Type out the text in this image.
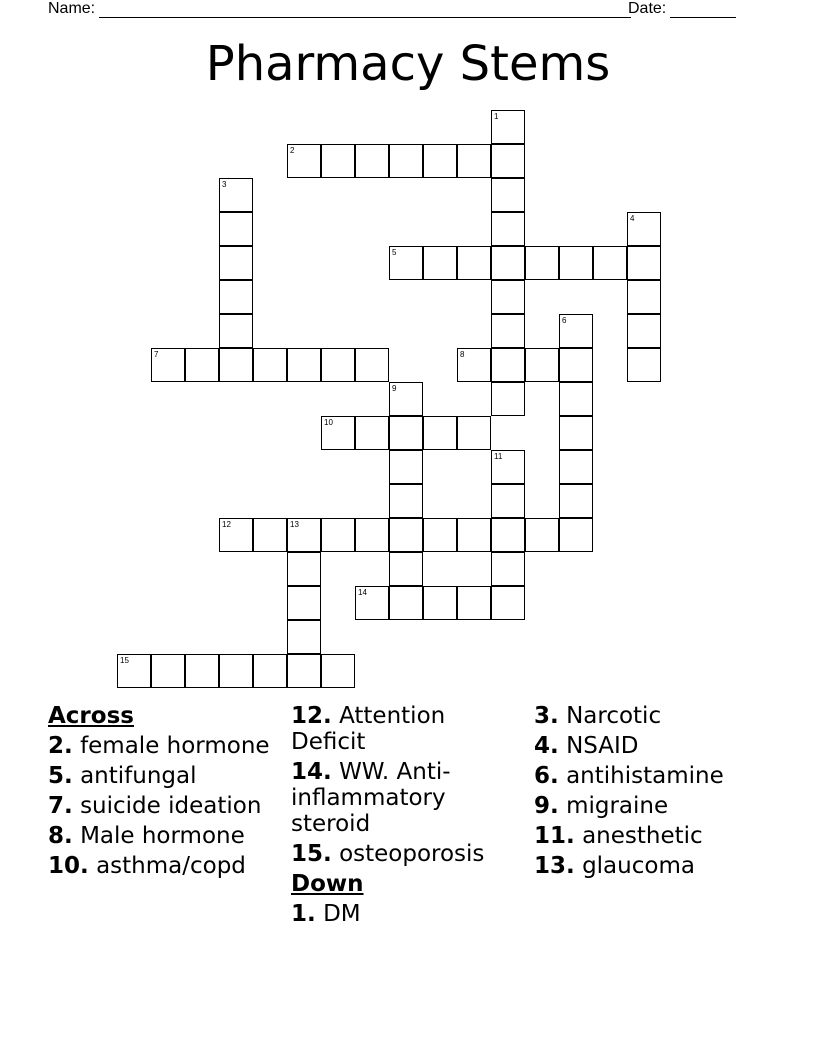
Name:	Date:
Pharmacy Stems
1
2
3
4
5
6
7	8
9
10
11
12	13
14
15
Across
2. female hormone
5. antifungal
7. suicide ideation
8. Male hormone
10. asthma/copd
12. Attention Deficit
14. WW. Anti-inflammatory steroid
15. osteoporosis
Down
1. DM
3. Narcotic
4. NSAID
6. antihistamine
9. migraine
11. anesthetic
13. glaucoma
